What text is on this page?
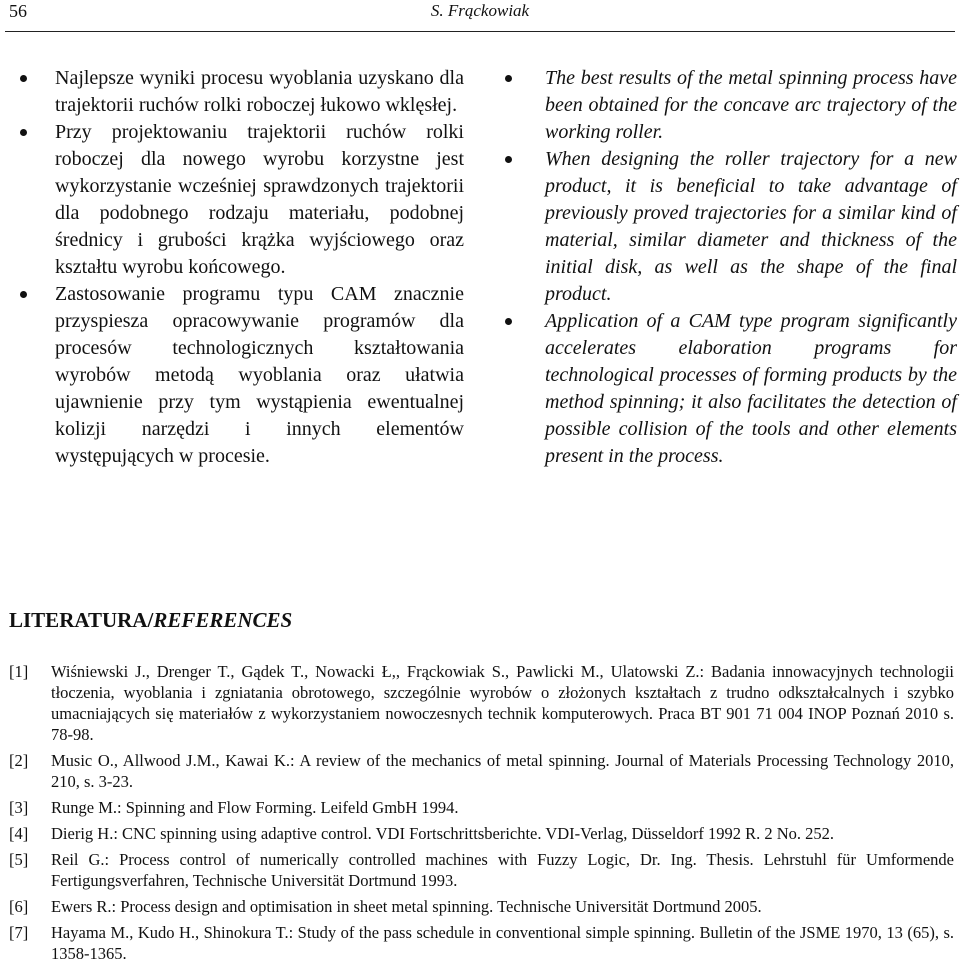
56	S. Frąckowiak
Najlepsze wyniki procesu wyoblania uzyskano dla trajektorii ruchów rolki roboczej łukowo wklęsłej.
Przy projektowaniu trajektorii ruchów rolki roboczej dla nowego wyrobu korzystne jest wykorzystanie wcześniej sprawdzonych trajektorii dla podobnego rodzaju materiału, podobnej średnicy i grubości krążka wyjściowego oraz kształtu wyrobu końcowego.
Zastosowanie programu typu CAM znacznie przyspiesza opracowywanie programów dla procesów technologicznych kształtowania wyrobów metodą wyoblania oraz ułatwia ujawnienie przy tym wystąpienia ewentualnej kolizji narzędzi i innych elementów występujących w procesie.
The best results of the metal spinning process have been obtained for the concave arc trajectory of the working roller.
When designing the roller trajectory for a new product, it is beneficial to take advantage of previously proved trajectories for a similar kind of material, similar diameter and thickness of the initial disk, as well as the shape of the final product.
Application of a CAM type program significantly accelerates elaboration programs for technological processes of forming products by the method spinning; it also facilitates the detection of possible collision of the tools and other elements present in the process.
LITERATURA/REFERENCES
[1] Wiśniewski J., Drenger T., Gądek T., Nowacki Ł,, Frąckowiak S., Pawlicki M., Ulatowski Z.: Badania innowacyjnych technologii tłoczenia, wyoblania i zgniatania obrotowego, szczególnie wyrobów o złożonych kształtach z trudno odkształcalnych i szybko umacniających się materiałów z wykorzystaniem nowoczesnych technik komputerowych. Praca BT 901 71 004 INOP Poznań 2010 s. 78-98.
[2] Music O., Allwood J.M., Kawai K.: A review of the mechanics of metal spinning. Journal of Materials Processing Technology 2010, 210, s. 3-23.
[3] Runge M.: Spinning and Flow Forming. Leifeld GmbH 1994.
[4] Dierig H.: CNC spinning using adaptive control. VDI Fortschrittsberichte. VDI-Verlag, Düsseldorf 1992 R. 2 No. 252.
[5] Reil G.: Process control of numerically controlled machines with Fuzzy Logic, Dr. Ing. Thesis. Lehrstuhl für Umformende Fertigungsverfahren, Technische Universität Dortmund 1993.
[6] Ewers R.: Process design and optimisation in sheet metal spinning. Technische Universität Dortmund 2005.
[7] Hayama M., Kudo H., Shinokura T.: Study of the pass schedule in conventional simple spinning. Bulletin of the JSME 1970, 13 (65), s. 1358-1365.
